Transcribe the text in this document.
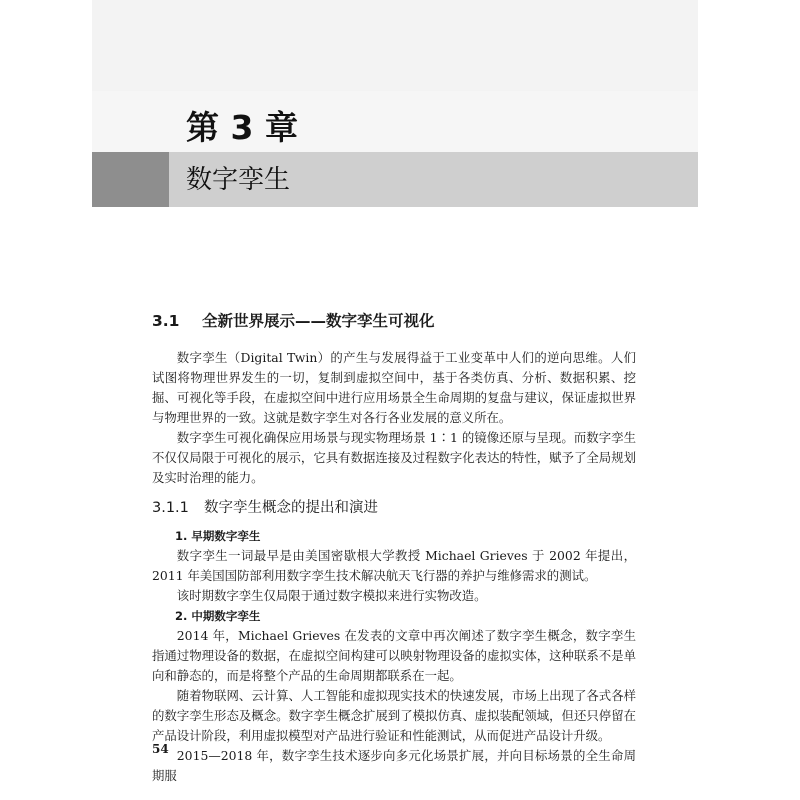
第 3 章
数字孪生
3.1 全新世界展示——数字孪生可视化

数字孪生（Digital Twin）的产生与发展得益于工业变革中人们的逆向思维。人们试图将物理世界发生的一切，复制到虚拟空间中，基于各类仿真、分析、数据积累、挖掘、可视化等手段，在虚拟空间中进行应用场景全生命周期的复盘与建议，保证虚拟世界与物理世界的一致。这就是数字孪生对各行各业发展的意义所在。

数字孪生可视化确保应用场景与现实物理场景 1∶1 的镜像还原与呈现。而数字孪生不仅仅局限于可视化的展示，它具有数据连接及过程数字化表达的特性，赋予了全局规划及实时治理的能力。

3.1.1 数字孪生概念的提出和演进
1. 早期数字孪生

数字孪生一词最早是由美国密歇根大学教授 Michael Grieves 于 2002 年提出，2011 年美国国防部利用数字孪生技术解决航天飞行器的养护与维修需求的测试。

该时期数字孪生仅局限于通过数字模拟来进行实物改造。

2. 中期数字孪生

2014 年，Michael Grieves 在发表的文章中再次阐述了数字孪生概念，数字孪生指通过物理设备的数据，在虚拟空间构建可以映射物理设备的虚拟实体，这种联系不是单向和静态的，而是将整个产品的生命周期都联系在一起。

随着物联网、云计算、人工智能和虚拟现实技术的快速发展，市场上出现了各式各样的数字孪生形态及概念。数字孪生概念扩展到了模拟仿真、虚拟装配领域，但还只停留在产品设计阶段，利用虚拟模型对产品进行验证和性能测试，从而促进产品设计升级。

2015—2018 年，数字孪生技术逐步向多元化场景扩展，并向目标场景的全生命周期服

54
